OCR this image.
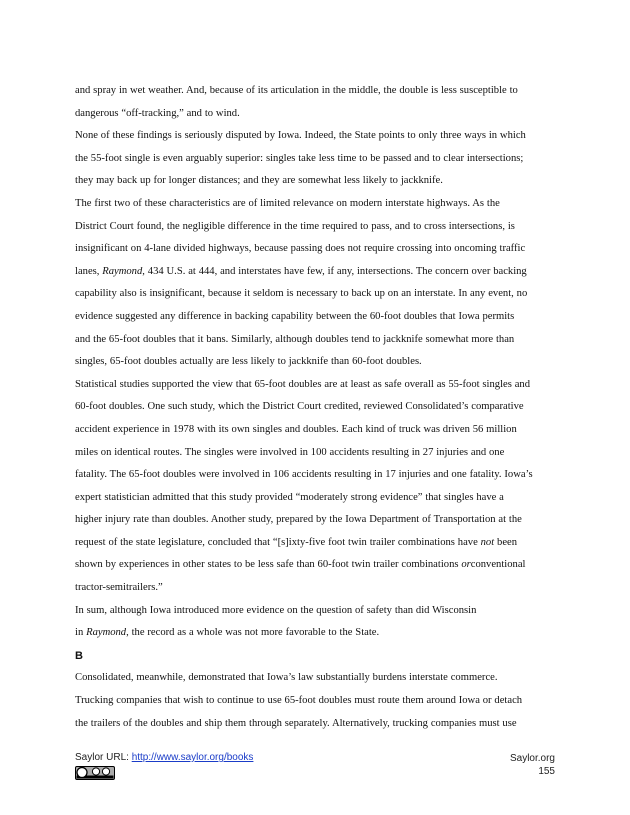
and spray in wet weather. And, because of its articulation in the middle, the double is less susceptible to
dangerous “off-tracking,” and to wind.
None of these findings is seriously disputed by Iowa. Indeed, the State points to only three ways in which
the 55-foot single is even arguably superior: singles take less time to be passed and to clear intersections;
they may back up for longer distances; and they are somewhat less likely to jackknife.
The first two of these characteristics are of limited relevance on modern interstate highways. As the
District Court found, the negligible difference in the time required to pass, and to cross intersections, is
insignificant on 4-lane divided highways, because passing does not require crossing into oncoming traffic
lanes, Raymond, 434 U.S. at 444, and interstates have few, if any, intersections. The concern over backing
capability also is insignificant, because it seldom is necessary to back up on an interstate. In any event, no
evidence suggested any difference in backing capability between the 60-foot doubles that Iowa permits
and the 65-foot doubles that it bans. Similarly, although doubles tend to jackknife somewhat more than
singles, 65-foot doubles actually are less likely to jackknife than 60-foot doubles.
Statistical studies supported the view that 65-foot doubles are at least as safe overall as 55-foot singles and
60-foot doubles. One such study, which the District Court credited, reviewed Consolidated’s comparative
accident experience in 1978 with its own singles and doubles. Each kind of truck was driven 56 million
miles on identical routes. The singles were involved in 100 accidents resulting in 27 injuries and one
fatality. The 65-foot doubles were involved in 106 accidents resulting in 17 injuries and one fatality. Iowa’s
expert statistician admitted that this study provided “moderately strong evidence” that singles have a
higher injury rate than doubles. Another study, prepared by the Iowa Department of Transportation at the
request of the state legislature, concluded that “[s]ixty-five foot twin trailer combinations have not been
shown by experiences in other states to be less safe than 60-foot twin trailer combinations orconventional
tractor-semitrailers.”
In sum, although Iowa introduced more evidence on the question of safety than did Wisconsin
in Raymond, the record as a whole was not more favorable to the State.
B
Consolidated, meanwhile, demonstrated that Iowa’s law substantially burdens interstate commerce.
Trucking companies that wish to continue to use 65-foot doubles must route them around Iowa or detach
the trailers of the doubles and ship them through separately. Alternatively, trucking companies must use
Saylor URL: http://www.saylor.org/books	Saylor.org
155
